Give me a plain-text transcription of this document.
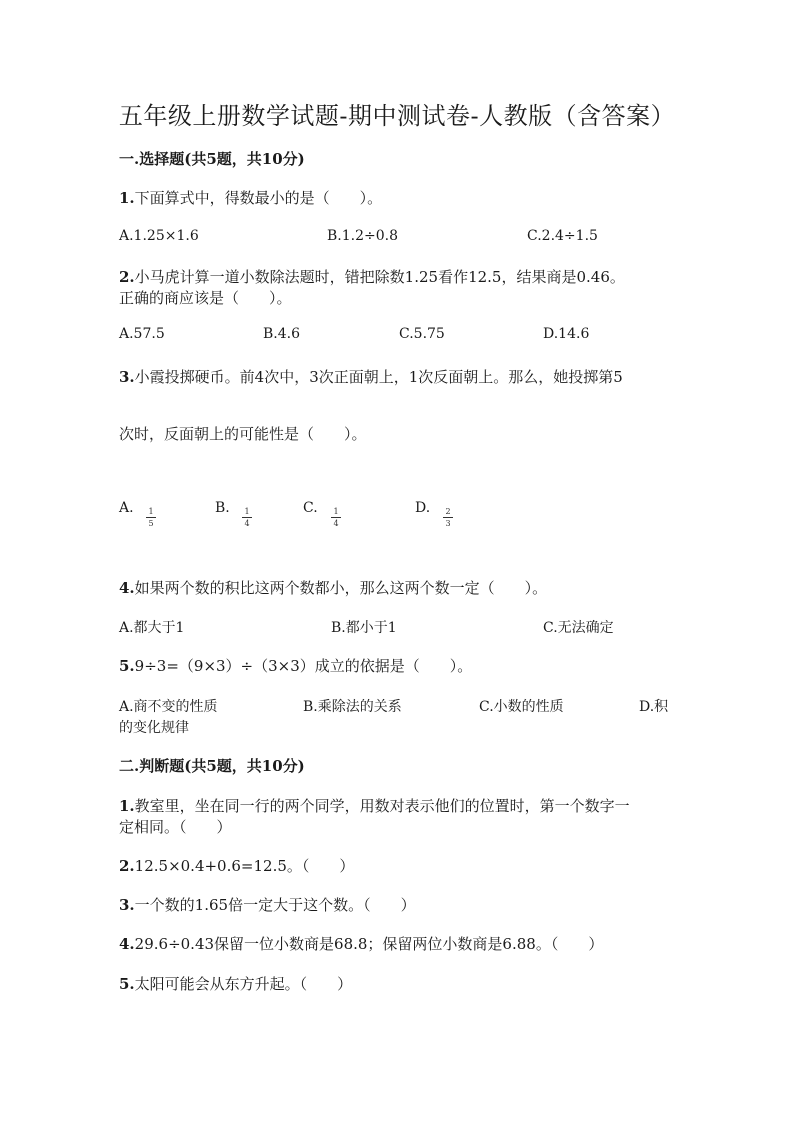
五年级上册数学试题-期中测试卷-人教版（含答案）
一.选择题(共5题，共10分)
1.下面算式中，得数最小的是（　　）。
A.1.25×1.6	B.1.2÷0.8	C.2.4÷1.5
2.小马虎计算一道小数除法题时，错把除数1.25看作12.5，结果商是0.46。
正确的商应该是（　　）。
A.57.5	B.4.6	C.5.75	D.14.6
3.小霞投掷硬币。前4次中，3次正面朝上，1次反面朝上。那么，她投掷第5
次时，反面朝上的可能性是（　　）。
A.	1
5
B.	1
4
C.	1
4
D.	2
3
4.如果两个数的积比这两个数都小，那么这两个数一定（　　）。
A.都大于1	B.都小于1	C.无法确定
5.9÷3=（9×3）÷（3×3）成立的依据是（　　）。
A.商不变的性质	B.乘除法的关系	C.小数的性质	D.积
的变化规律
二.判断题(共5题，共10分)
1.教室里，坐在同一行的两个同学，用数对表示他们的位置时，第一个数字一
定相同。（　　）
2.12.5×0.4+0.6=12.5。（　　）
3.一个数的1.65倍一定大于这个数。（　　）
4.29.6÷0.43保留一位小数商是68.8；保留两位小数商是6.88。（　　）
5.太阳可能会从东方升起。（　　）
